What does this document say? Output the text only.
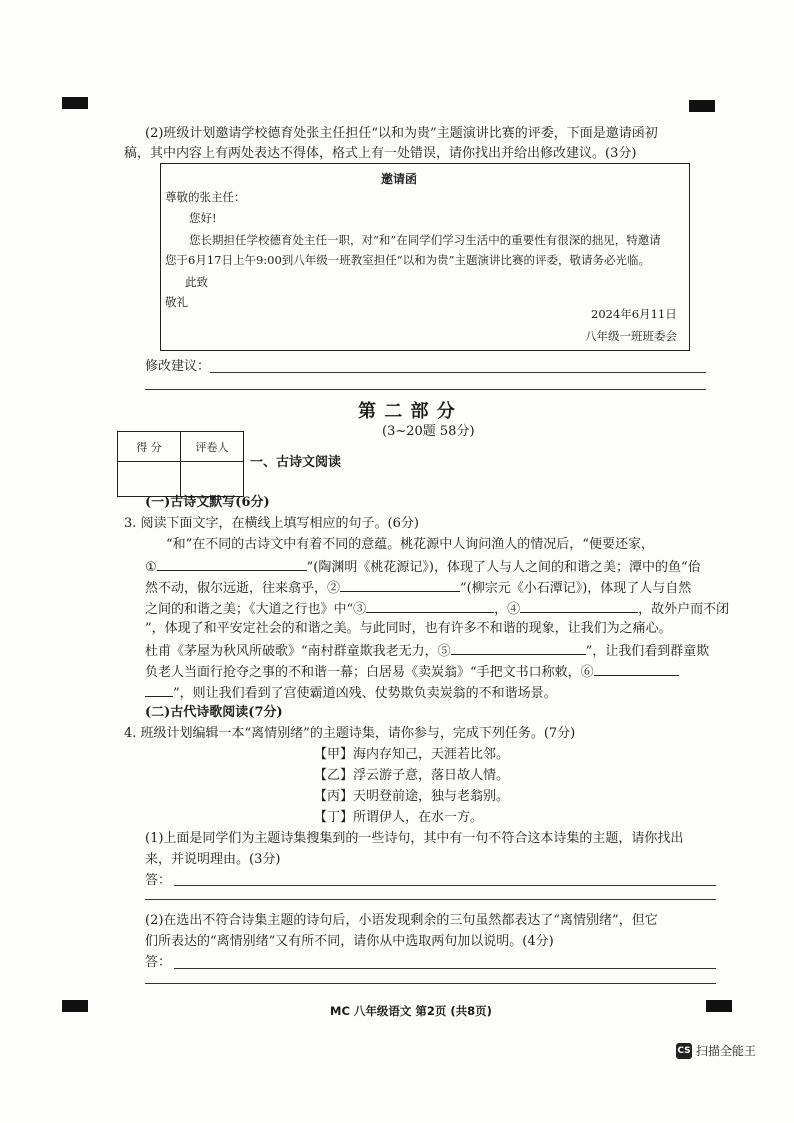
(2)班级计划邀请学校德育处张主任担任“以和为贵”主题演讲比赛的评委，下面是邀请函初
稿，其中内容上有两处表达不得体，格式上有一处错误，请你找出并给出修改建议。(3分)
邀请函
尊敬的张主任：
您好!
您长期担任学校德育处主任一职，对“和”在同学们学习生活中的重要性有很深的拙见，特邀请
您于6月17日上午9:00到八年级一班教室担任“以和为贵”主题演讲比赛的评委，敬请务必光临。
此致
敬礼
2024年6月11日
八年级一班班委会
修改建议：
第 二 部 分
(3~20题 58分)
得 分	评卷人

一、古诗文阅读
(一)古诗文默写(6分)
3. 阅读下面文字，在横线上填写相应的句子。(6分)
“和”在不同的古诗文中有着不同的意蕴。桃花源中人询问渔人的情况后，“便要还家，
①	”(陶渊明《桃花源记》)，体现了人与人之间的和谐之美；潭中的鱼“佁
然不动，俶尔远逝，往来翕乎，②	”(柳宗元《小石潭记》)，体现了人与自然
之间的和谐之美；《大道之行也》中“③	，④	，故外户而不闭
”，体现了和平安定社会的和谐之美。与此同时，也有许多不和谐的现象，让我们为之痛心。
杜甫《茅屋为秋风所破歌》“南村群童欺我老无力，⑤	”，让我们看到群童欺
负老人当面行抢夺之事的不和谐一幕；白居易《卖炭翁》“手把文书口称敕，⑥
”，则让我们看到了宫使霸道凶残、仗势欺负卖炭翁的不和谐场景。
(二)古代诗歌阅读(7分)
4. 班级计划编辑一本“离情别绪”的主题诗集，请你参与，完成下列任务。(7分)
【甲】海内存知己，天涯若比邻。
【乙】浮云游子意，落日故人情。
【丙】天明登前途，独与老翁别。
【丁】所谓伊人，在水一方。
(1)上面是同学们为主题诗集搜集到的一些诗句，其中有一句不符合这本诗集的主题，请你找出
来，并说明理由。(3分)
答：
(2)在选出不符合诗集主题的诗句后，小语发现剩余的三句虽然都表达了“离情别绪”，但它
们所表达的“离情别绪”又有所不同，请你从中选取两句加以说明。(4分)
答：
MC 八年级语文 第2页 (共8页)
CS 扫描全能王
